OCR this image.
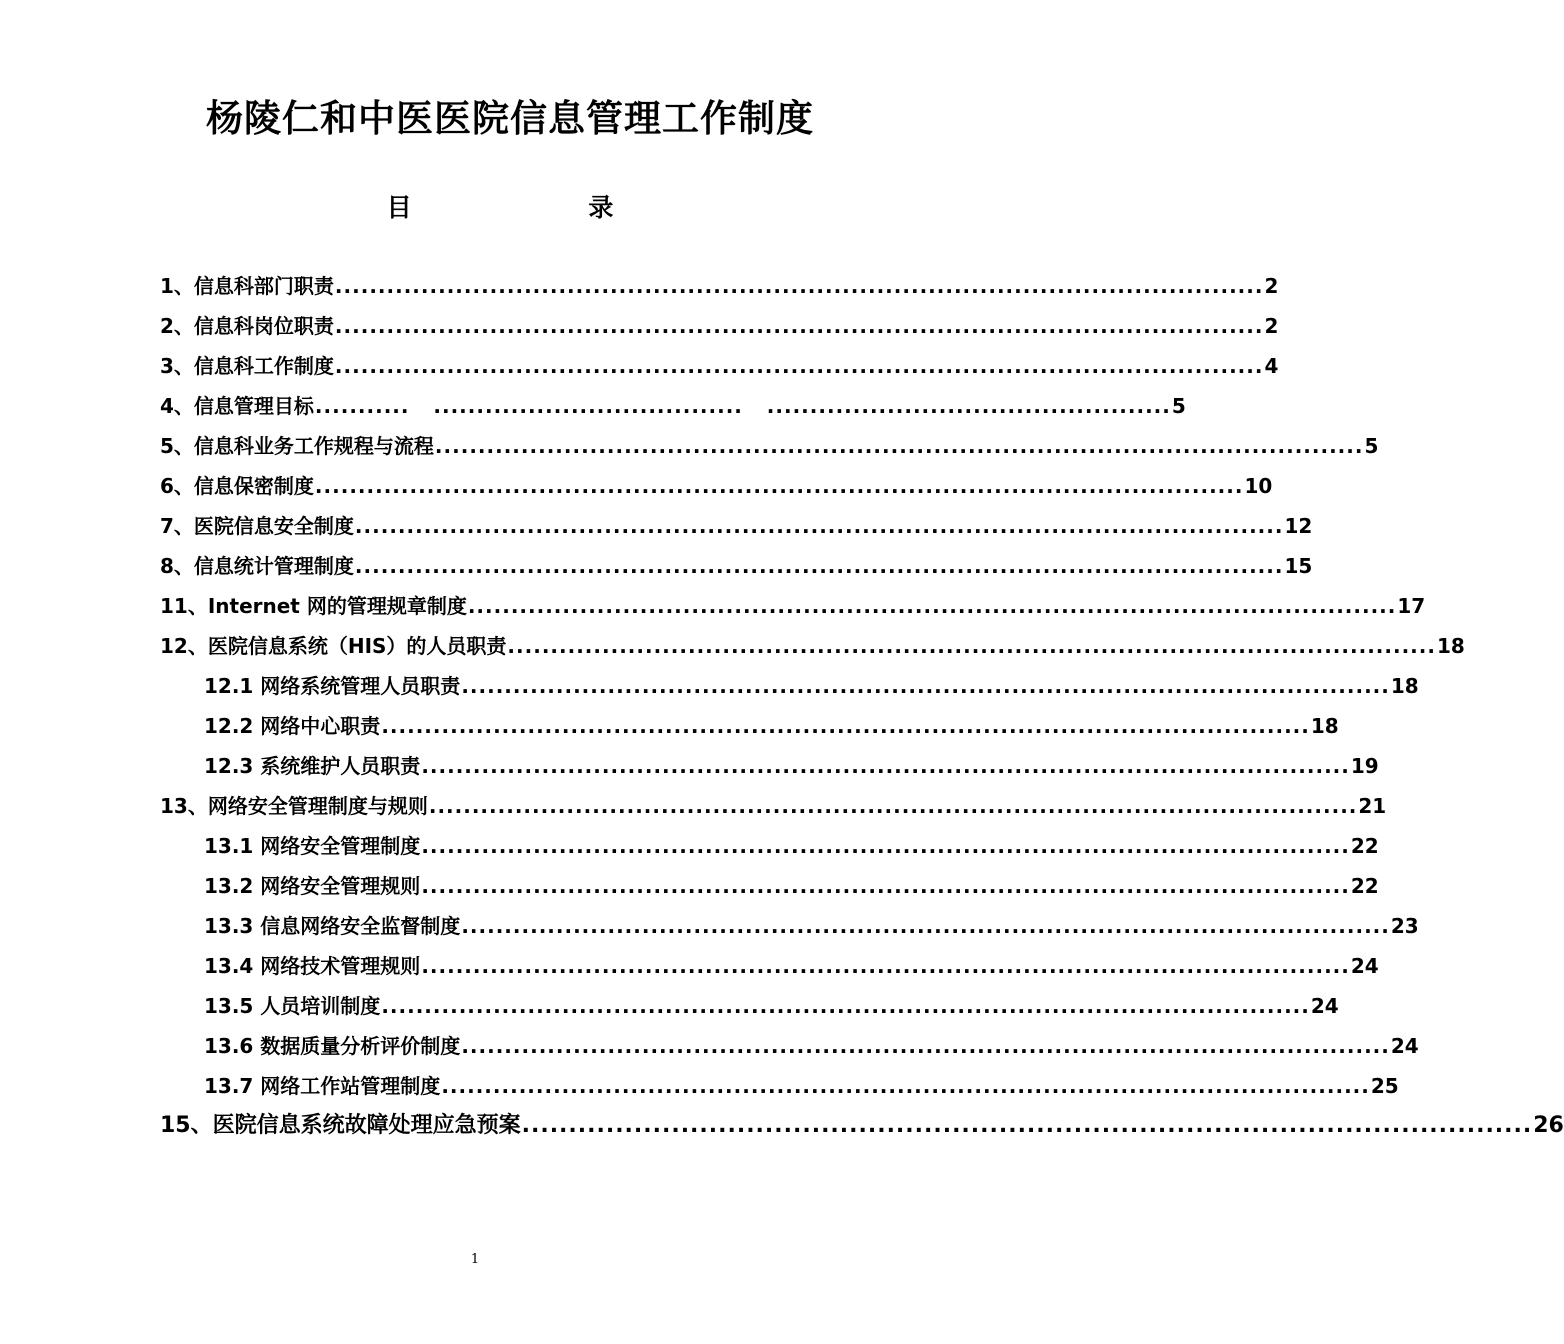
杨陵仁和中医医院信息管理工作制度
目	录
1、信息科部门职责 ............................................................................................................ 2
2、信息科岗位职责 ............................................................................................................ 2
3、信息科工作制度 ............................................................................................................ 4
4、信息管理目标 ...........   ....................................   ............................................... 5
5、信息科业务工作规程与流程 ............................................................................................................ 5
6、信息保密制度 ............................................................................................................ 10
7、医院信息安全制度 ............................................................................................................ 12
8、信息统计管理制度 ............................................................................................................ 15
11、Internet 网的管理规章制度 ............................................................................................................ 17
12、医院信息系统（HIS）的人员职责 ............................................................................................................ 18
12.1 网络系统管理人员职责 ............................................................................................................ 18
12.2 网络中心职责 ............................................................................................................ 18
12.3 系统维护人员职责 ............................................................................................................ 19
13、网络安全管理制度与规则 ............................................................................................................ 21
13.1 网络安全管理制度 ............................................................................................................ 22
13.2 网络安全管理规则 ............................................................................................................ 22
13.3 信息网络安全监督制度 ............................................................................................................ 23
13.4 网络技术管理规则 ............................................................................................................ 24
13.5 人员培训制度 ............................................................................................................ 24
13.6 数据质量分析评价制度 ............................................................................................................ 24
13.7 网络工作站管理制度 ............................................................................................................ 25
15、医院信息系统故障处理应急预案 ............................................................................................................ 26
1
